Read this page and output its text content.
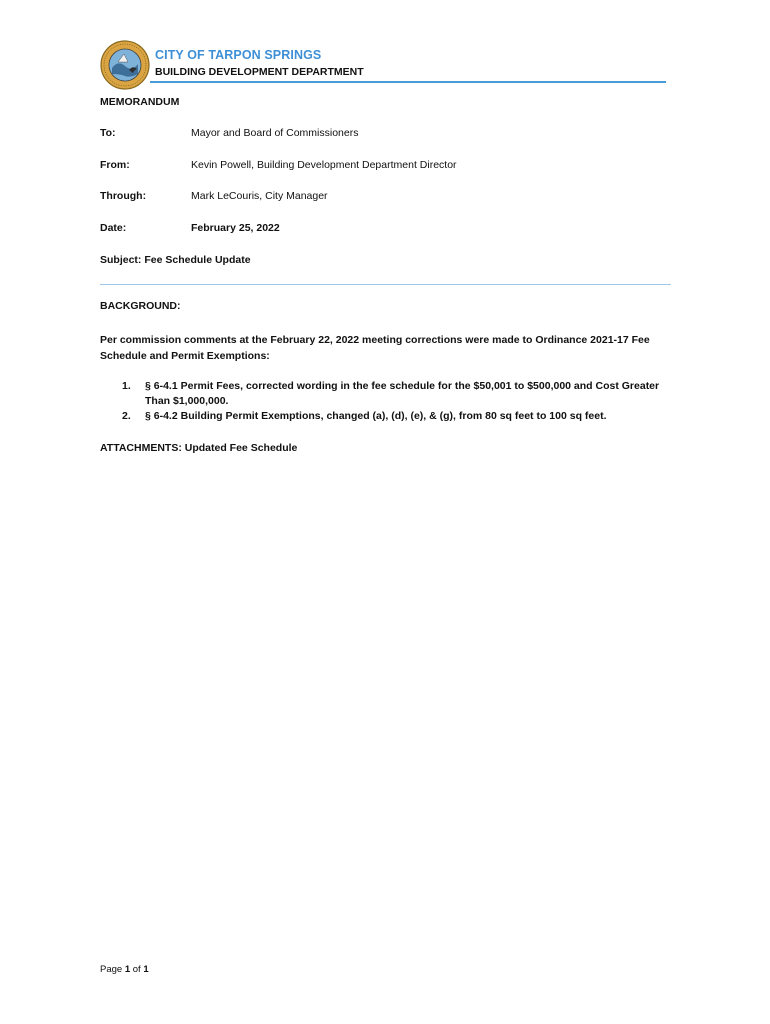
CITY OF TARPON SPRINGS
BUILDING DEVELOPMENT DEPARTMENT
MEMORANDUM
To:	Mayor and Board of Commissioners
From:	Kevin Powell, Building Development Department Director
Through:	Mark LeCouris, City Manager
Date:	February 25, 2022
Subject: Fee Schedule Update
BACKGROUND:
Per commission comments at the February 22, 2022 meeting corrections were made to Ordinance 2021-17 Fee Schedule and Permit Exemptions:
1. § 6-4.1 Permit Fees, corrected wording in the fee schedule for the $50,001 to $500,000 and Cost Greater Than $1,000,000.
2. § 6-4.2 Building Permit Exemptions, changed (a), (d), (e), & (g), from 80 sq feet to 100 sq feet.
ATTACHMENTS: Updated Fee Schedule
Page 1 of 1
